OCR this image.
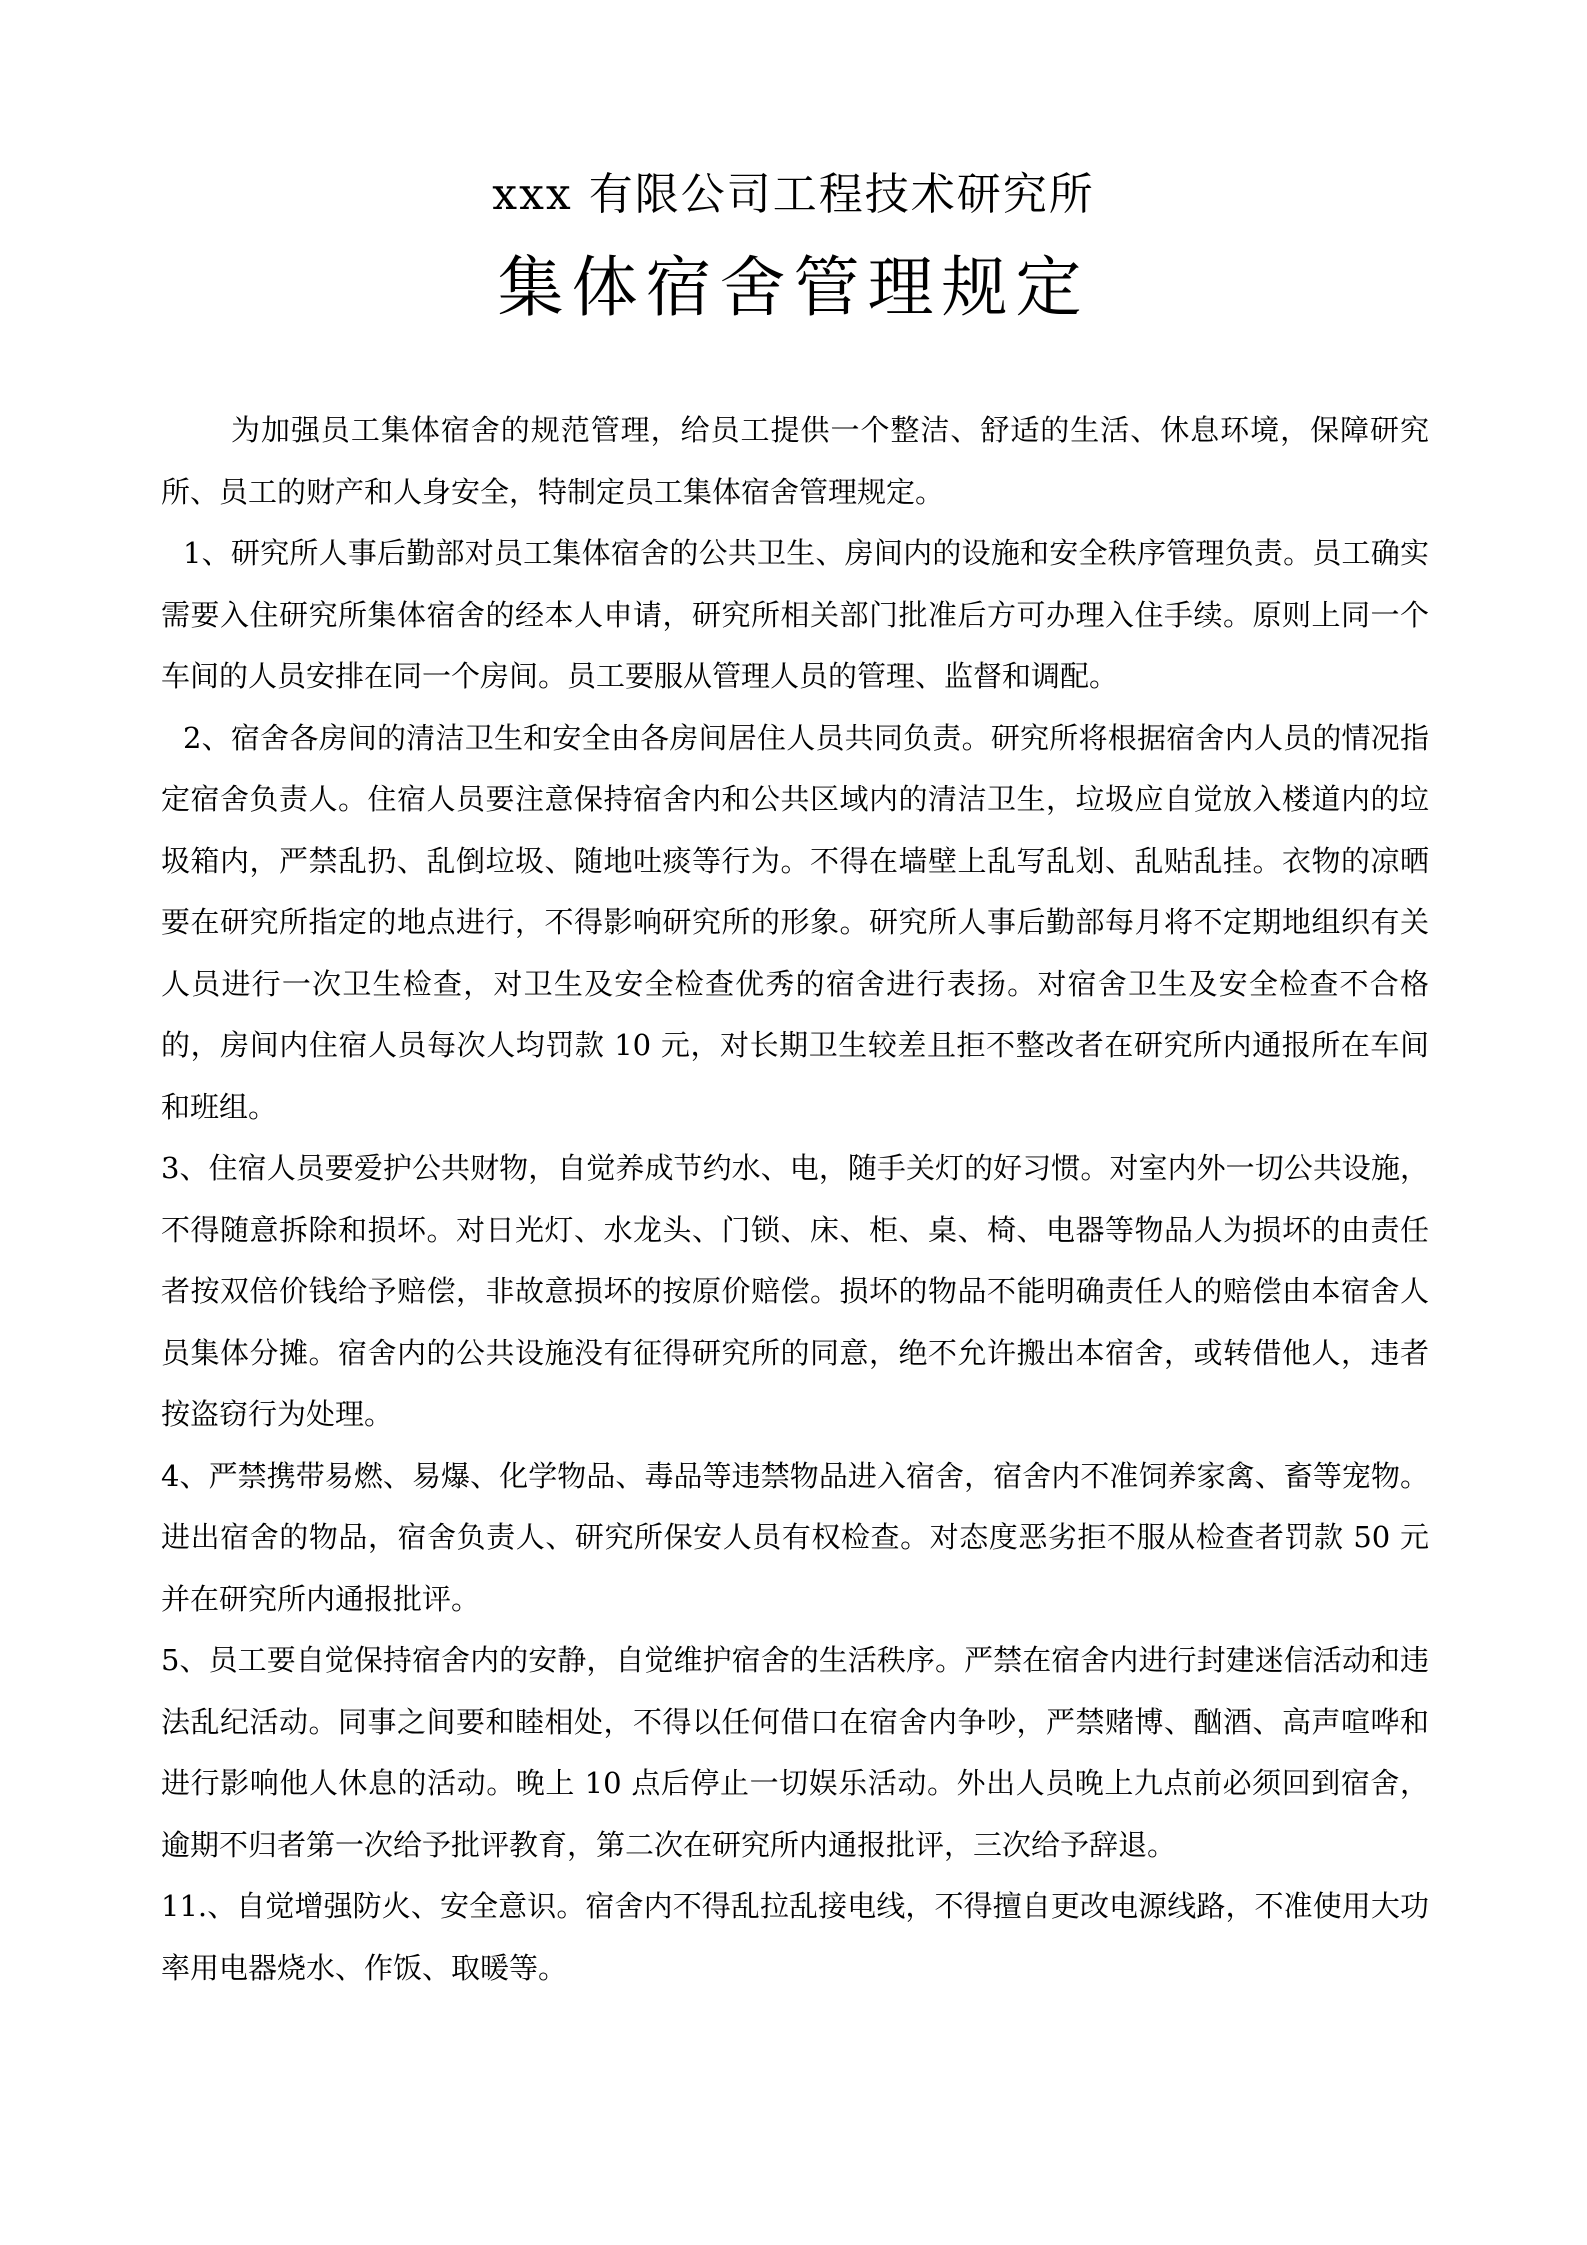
xxx 有限公司工程技术研究所
集体宿舍管理规定

为加强员工集体宿舍的规范管理，给员工提供一个整洁、舒适的生活、休息环境，保障研究所、员工的财产和人身安全，特制定员工集体宿舍管理规定。

1、研究所人事后勤部对员工集体宿舍的公共卫生、房间内的设施和安全秩序管理负责。员工确实需要入住研究所集体宿舍的经本人申请，研究所相关部门批准后方可办理入住手续。原则上同一个车间的人员安排在同一个房间。员工要服从管理人员的管理、监督和调配。

2、宿舍各房间的清洁卫生和安全由各房间居住人员共同负责。研究所将根据宿舍内人员的情况指定宿舍负责人。住宿人员要注意保持宿舍内和公共区域内的清洁卫生，垃圾应自觉放入楼道内的垃圾箱内，严禁乱扔、乱倒垃圾、随地吐痰等行为。不得在墙壁上乱写乱划、乱贴乱挂。衣物的凉晒要在研究所指定的地点进行，不得影响研究所的形象。研究所人事后勤部每月将不定期地组织有关人员进行一次卫生检查，对卫生及安全检查优秀的宿舍进行表扬。对宿舍卫生及安全检查不合格的，房间内住宿人员每次人均罚款 10 元，对长期卫生较差且拒不整改者在研究所内通报所在车间和班组。

3、住宿人员要爱护公共财物，自觉养成节约水、电，随手关灯的好习惯。对室内外一切公共设施，不得随意拆除和损坏。对日光灯、水龙头、门锁、床、柜、桌、椅、电器等物品人为损坏的由责任者按双倍价钱给予赔偿，非故意损坏的按原价赔偿。损坏的物品不能明确责任人的赔偿由本宿舍人员集体分摊。宿舍内的公共设施没有征得研究所的同意，绝不允许搬出本宿舍，或转借他人，违者按盗窃行为处理。

4、严禁携带易燃、易爆、化学物品、毒品等违禁物品进入宿舍，宿舍内不准饲养家禽、畜等宠物。进出宿舍的物品，宿舍负责人、研究所保安人员有权检查。对态度恶劣拒不服从检查者罚款 50 元并在研究所内通报批评。

5、员工要自觉保持宿舍内的安静，自觉维护宿舍的生活秩序。严禁在宿舍内进行封建迷信活动和违法乱纪活动。同事之间要和睦相处，不得以任何借口在宿舍内争吵，严禁赌博、酗酒、高声喧哗和进行影响他人休息的活动。晚上 10 点后停止一切娱乐活动。外出人员晚上九点前必须回到宿舍，逾期不归者第一次给予批评教育，第二次在研究所内通报批评，三次给予辞退。

11.、自觉增强防火、安全意识。宿舍内不得乱拉乱接电线，不得擅自更改电源线路，不准使用大功率用电器烧水、作饭、取暖等。
